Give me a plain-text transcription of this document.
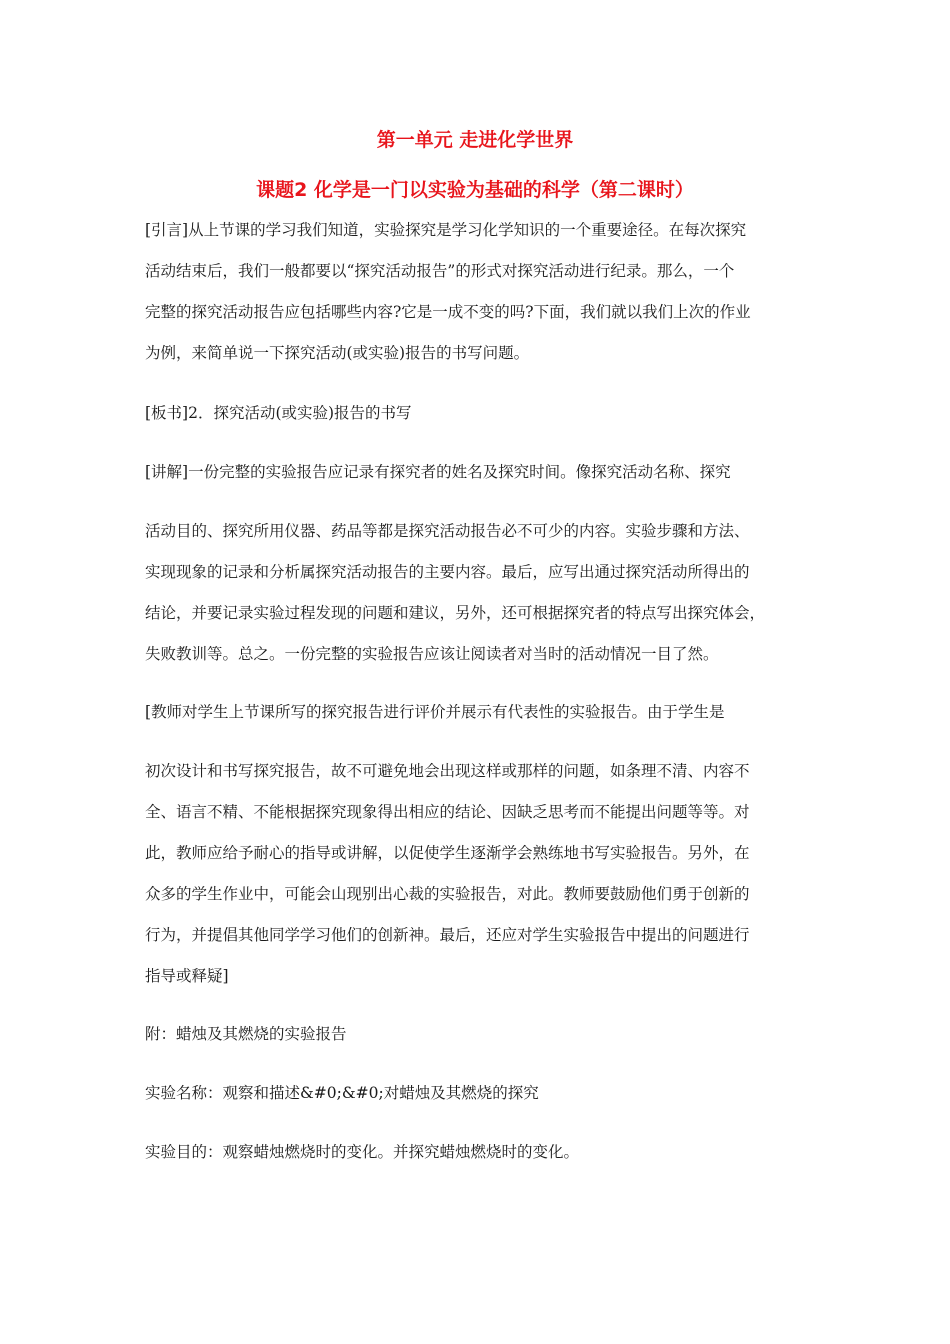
第一单元 走进化学世界
课题2 化学是一门以实验为基础的科学（第二课时）

[引言]从上节课的学习我们知道，实验探究是学习化学知识的一个重要途径。在每次探究
活动结束后，我们一般都要以“探究活动报告”的形式对探究活动进行纪录。那么，一个
完整的探究活动报告应包括哪些内容?它是一成不变的吗?下面，我们就以我们上次的作业
为例，来简单说一下探究活动(或实验)报告的书写问题。

[板书]2．探究活动(或实验)报告的书写

[讲解]一份完整的实验报告应记录有探究者的姓名及探究时间。像探究活动名称、探究

活动目的、探究所用仪器、药品等都是探究活动报告必不可少的内容。实验步骤和方法、
实现现象的记录和分析属探究活动报告的主要内容。最后，应写出通过探究活动所得出的
结论，并要记录实验过程发现的问题和建议，另外，还可根据探究者的特点写出探究体会，
失败教训等。总之。一份完整的实验报告应该让阅读者对当时的活动情况一目了然。

[教师对学生上节课所写的探究报告进行评价并展示有代表性的实验报告。由于学生是

初次设计和书写探究报告，故不可避免地会出现这样或那样的问题，如条理不清、内容不
全、语言不精、不能根据探究现象得出相应的结论、因缺乏思考而不能提出问题等等。对
此，教师应给予耐心的指导或讲解，以促使学生逐渐学会熟练地书写实验报告。另外，在
众多的学生作业中，可能会山现别出心裁的实验报告，对此。教师要鼓励他们勇于创新的
行为，并提倡其他同学学习他们的创新神。最后，还应对学生实验报告中提出的问题进行
指导或释疑]

附：蜡烛及其燃烧的实验报告

实验名称：观察和描述&#0;&#0;对蜡烛及其燃烧的探究

实验目的：观察蜡烛燃烧时的变化。并探究蜡烛燃烧时的变化。
